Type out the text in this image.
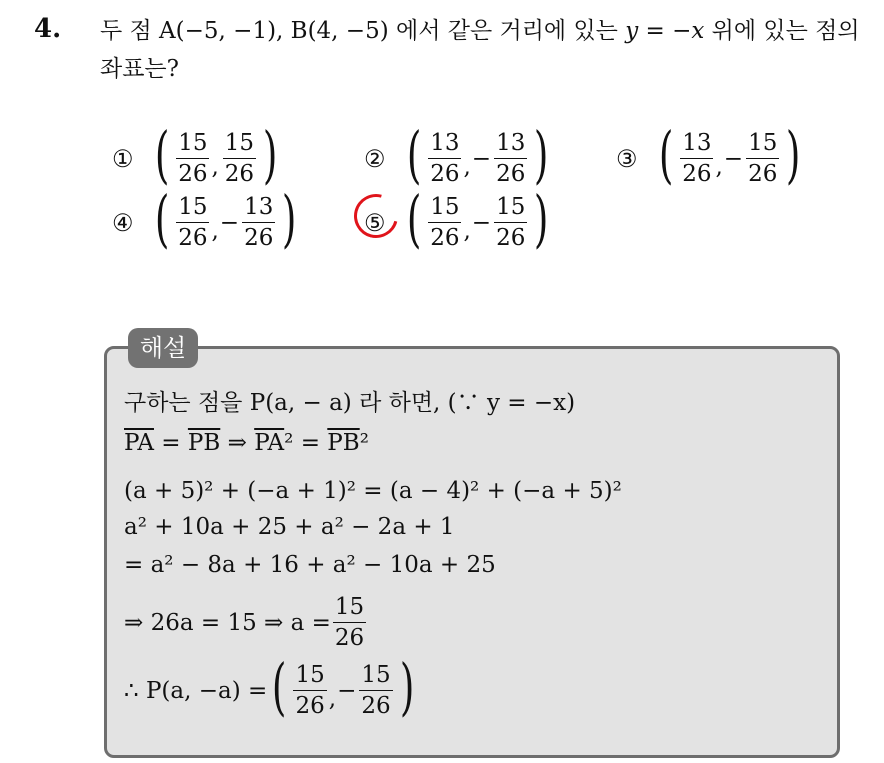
4. 두 점 A(−5, −1), B(4, −5) 에서 같은 거리에 있는 y = −x 위에 있는 점의 좌표는?
① ( $\frac{15}{26}$ , $\frac{15}{26}$ )	② ( $\frac{13}{26}$ , − $\frac{13}{26}$ )	③ ( $\frac{13}{26}$ , − $\frac{15}{26}$ )
④ ( $\frac{15}{26}$ , − $\frac{13}{26}$ )	⑤ ( $\frac{15}{26}$ , − $\frac{15}{26}$ )
해설
구하는 점을 P(a, − a) 라 하면, (∵ y = −x)
$\overline{PA} = \overline{PB}$ ⇒ $\overline{PA}^2 = \overline{PB}^2$
(a + 5)² + (−a + 1)² = (a − 4)² + (−a + 5)²
a² + 10a + 25 + a² − 2a + 1
= a² − 8a + 16 + a² − 10a + 25
⇒ 26a = 15 ⇒ $a = \frac{15}{26}$
∴ P(a, −a) = ( $\frac{15}{26}$ , − $\frac{15}{26}$ )
